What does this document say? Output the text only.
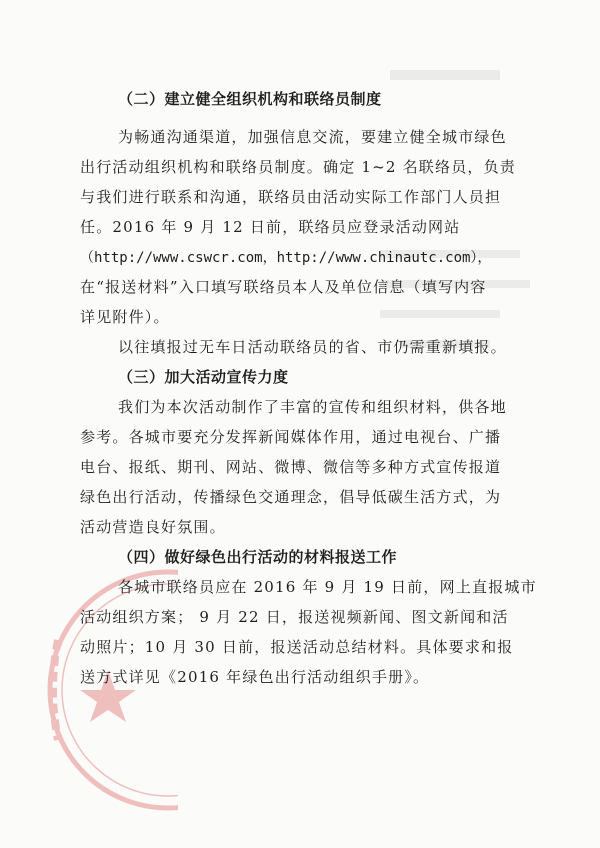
（二）建立健全组织机构和联络员制度
为畅通沟通渠道，加强信息交流，要建立健全城市绿色
出行活动组织机构和联络员制度。确定 1~2 名联络员，负责
与我们进行联系和沟通，联络员由活动实际工作部门人员担
任。2016 年 9 月 12 日前，联络员应登录活动网站
（http://www.cswcr.com，http://www.chinautc.com），
在“报送材料”入口填写联络员本人及单位信息（填写内容
详见附件）。
以往填报过无车日活动联络员的省、市仍需重新填报。
（三）加大活动宣传力度
我们为本次活动制作了丰富的宣传和组织材料，供各地
参考。各城市要充分发挥新闻媒体作用，通过电视台、广播
电台、报纸、期刊、网站、微博、微信等多种方式宣传报道
绿色出行活动，传播绿色交通理念，倡导低碳生活方式，为
活动营造良好氛围。
（四）做好绿色出行活动的材料报送工作
各城市联络员应在 2016 年 9 月 19 日前，网上直报城市
活动组织方案； 9 月 22 日，报送视频新闻、图文新闻和活
动照片；10 月 30 日前，报送活动总结材料。具体要求和报
送方式详见《2016 年绿色出行活动组织手册》。
